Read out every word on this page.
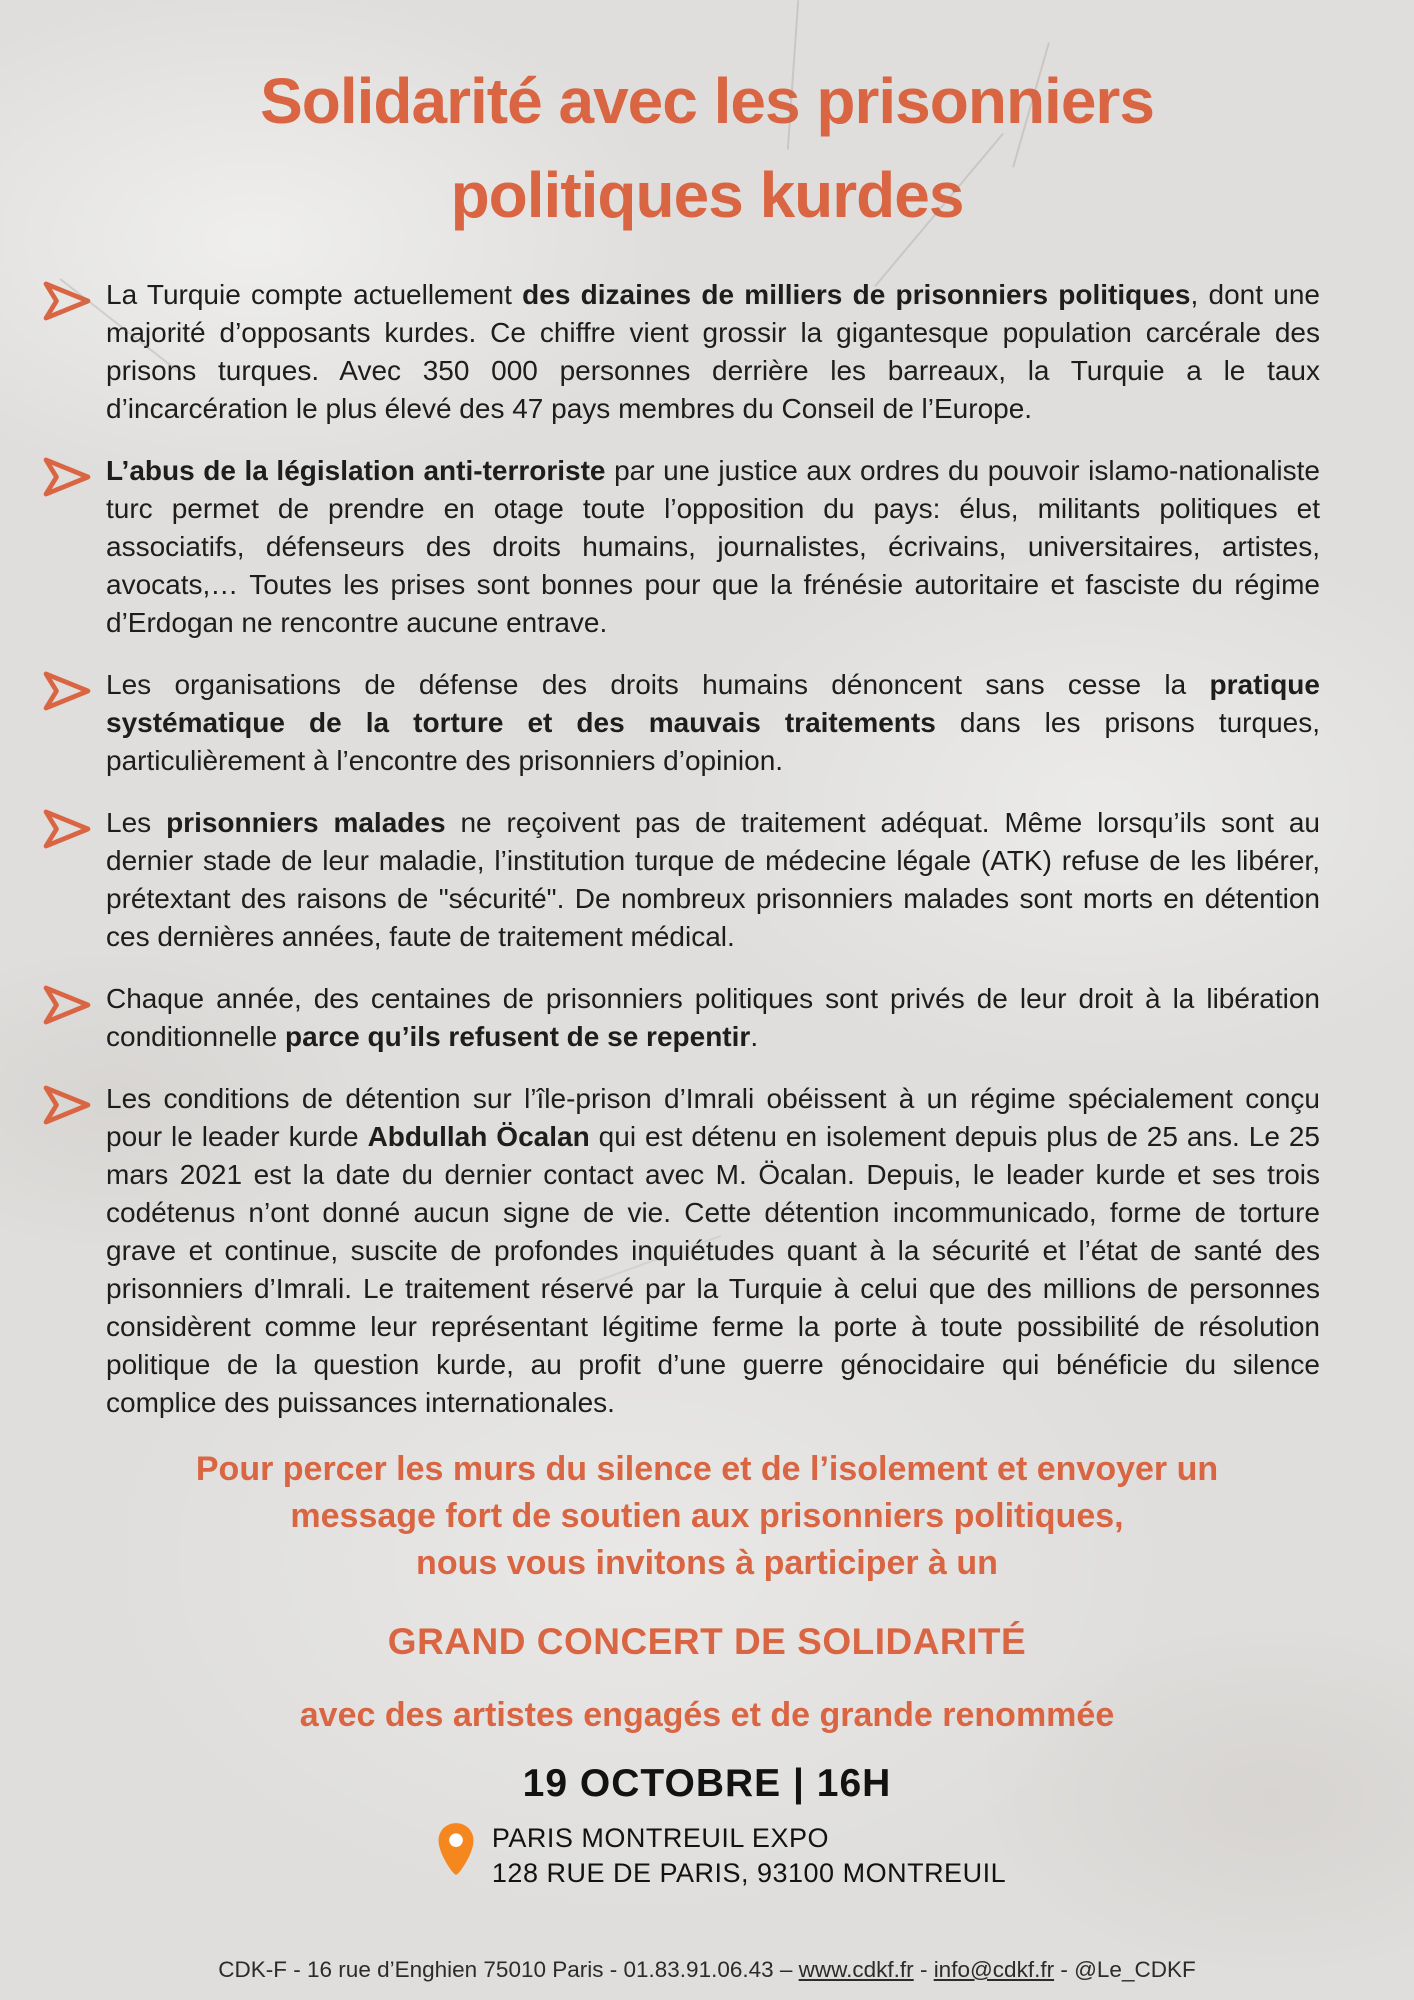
Solidarité avec les prisonniers
politiques kurdes

La Turquie compte actuellement des dizaines de milliers de prisonniers politiques, dont une majorité d’opposants kurdes. Ce chiffre vient grossir la gigantesque population carcérale des prisons turques. Avec 350 000 personnes derrière les barreaux, la Turquie a le taux d’incarcération le plus élevé des 47 pays membres du Conseil de l’Europe.

L’abus de la législation anti-terroriste par une justice aux ordres du pouvoir islamo-nationaliste turc permet de prendre en otage toute l’opposition du pays: élus, militants politiques et associatifs, défenseurs des droits humains, journalistes, écrivains, universitaires, artistes, avocats,… Toutes les prises sont bonnes pour que la frénésie autoritaire et fasciste du régime d’Erdogan ne rencontre aucune entrave.

Les organisations de défense des droits humains dénoncent sans cesse la pratique systématique de la torture et des mauvais traitements dans les prisons turques, particulièrement à l’encontre des prisonniers d’opinion.

Les prisonniers malades ne reçoivent pas de traitement adéquat. Même lorsqu’ils sont au dernier stade de leur maladie, l’institution turque de médecine légale (ATK) refuse de les libérer, prétextant des raisons de "sécurité". De nombreux prisonniers malades sont morts en détention ces dernières années, faute de traitement médical.

Chaque année, des centaines de prisonniers politiques sont privés de leur droit à la libération conditionnelle parce qu’ils refusent de se repentir.

Les conditions de détention sur l’île-prison d’Imrali obéissent à un régime spécialement conçu pour le leader kurde Abdullah Öcalan qui est détenu en isolement depuis plus de 25 ans. Le 25 mars 2021 est la date du dernier contact avec M. Öcalan. Depuis, le leader kurde et ses trois codétenus n’ont donné aucun signe de vie. Cette détention incommunicado, forme de torture grave et continue, suscite de profondes inquiétudes quant à la sécurité et l’état de santé des prisonniers d’Imrali. Le traitement réservé par la Turquie à celui que des millions de personnes considèrent comme leur représentant légitime ferme la porte à toute possibilité de résolution politique de la question kurde, au profit d’une guerre génocidaire qui bénéficie du silence complice des puissances internationales.

Pour percer les murs du silence et de l’isolement et envoyer un
message fort de soutien aux prisonniers politiques,
nous vous invitons à participer à un
GRAND CONCERT DE SOLIDARITÉ
avec des artistes engagés et de grande renommée
19 OCTOBRE | 16H
PARIS MONTREUIL EXPO
128 RUE DE PARIS, 93100 MONTREUIL
CDK-F - 16 rue d’Enghien 75010 Paris - 01.83.91.06.43 – www.cdkf.fr - info@cdkf.fr - @Le_CDKF
